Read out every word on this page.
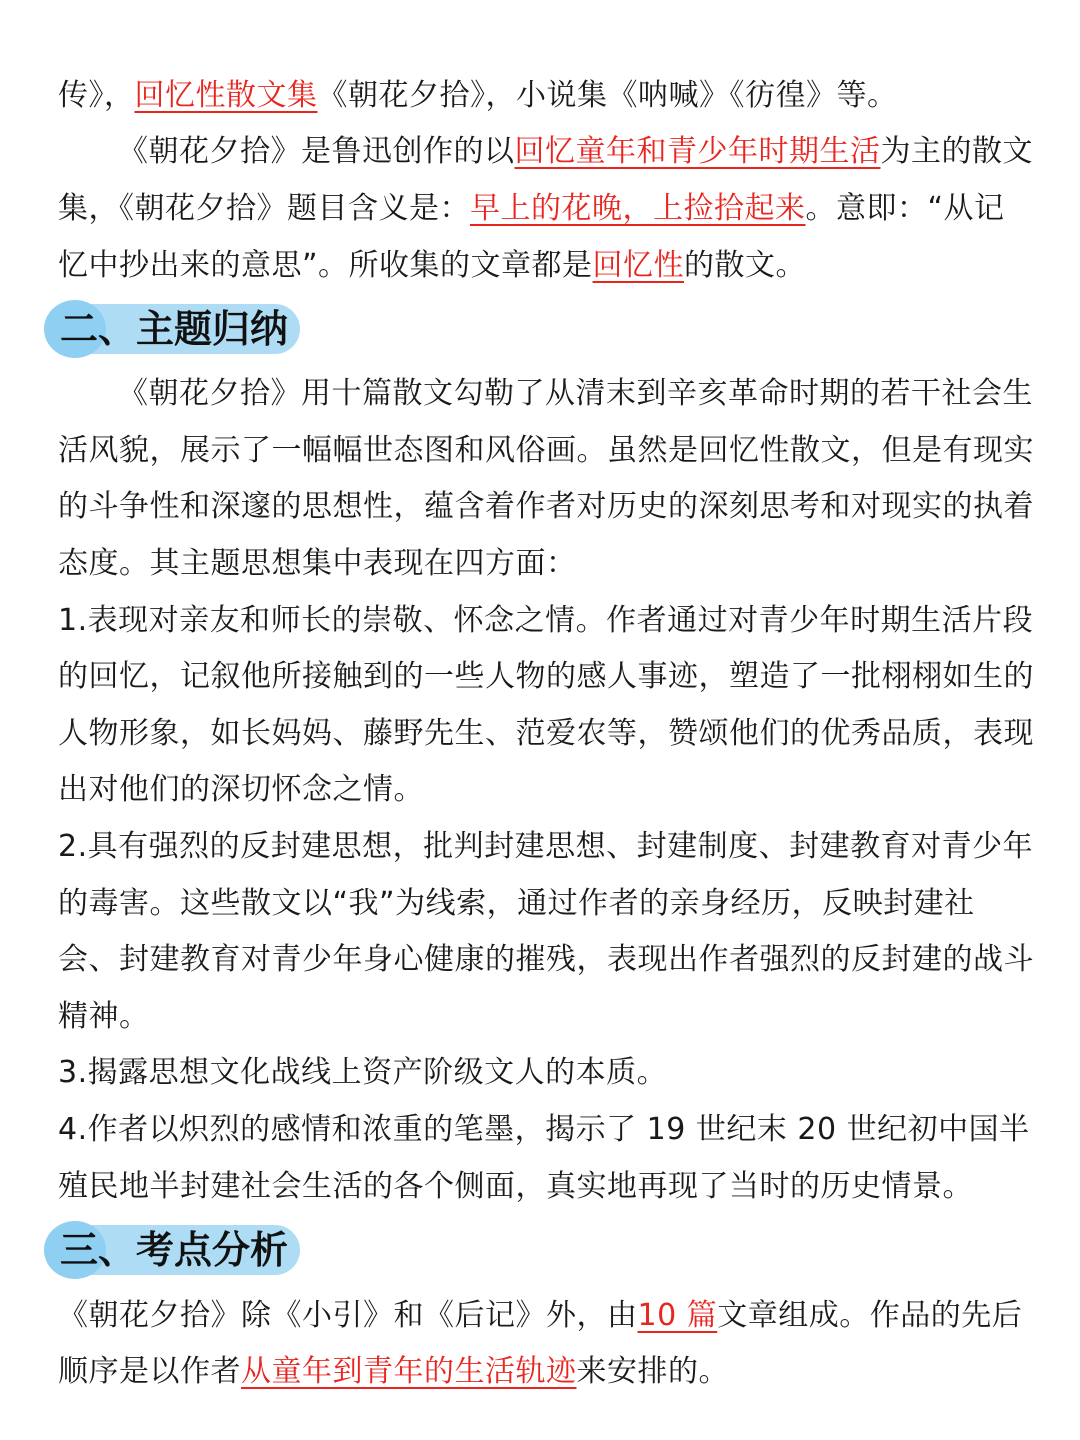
传》，回忆性散文集《朝花夕拾》，小说集《呐喊》《彷徨》等。
《朝花夕拾》是鲁迅创作的以回忆童年和青少年时期生活为主的散文
集，《朝花夕拾》题目含义是：早上的花晚，上捡拾起来。意即：“从记
忆中抄出来的意思”。所收集的文章都是回忆性的散文。
二、主题归纳
《朝花夕拾》用十篇散文勾勒了从清末到辛亥革命时期的若干社会生
活风貌，展示了一幅幅世态图和风俗画。虽然是回忆性散文，但是有现实
的斗争性和深邃的思想性，蕴含着作者对历史的深刻思考和对现实的执着
态度。其主题思想集中表现在四方面：
1.表现对亲友和师长的崇敬、怀念之情。作者通过对青少年时期生活片段
的回忆，记叙他所接触到的一些人物的感人事迹，塑造了一批栩栩如生的
人物形象，如长妈妈、藤野先生、范爱农等，赞颂他们的优秀品质，表现
出对他们的深切怀念之情。
2.具有强烈的反封建思想，批判封建思想、封建制度、封建教育对青少年
的毒害。这些散文以“我”为线索，通过作者的亲身经历，反映封建社
会、封建教育对青少年身心健康的摧残，表现出作者强烈的反封建的战斗
精神。
3.揭露思想文化战线上资产阶级文人的本质。
4.作者以炽烈的感情和浓重的笔墨，揭示了 19 世纪末 20 世纪初中国半
殖民地半封建社会生活的各个侧面，真实地再现了当时的历史情景。
三、考点分析
《朝花夕拾》除《小引》和《后记》外，由10 篇文章组成。作品的先后
顺序是以作者从童年到青年的生活轨迹来安排的。
